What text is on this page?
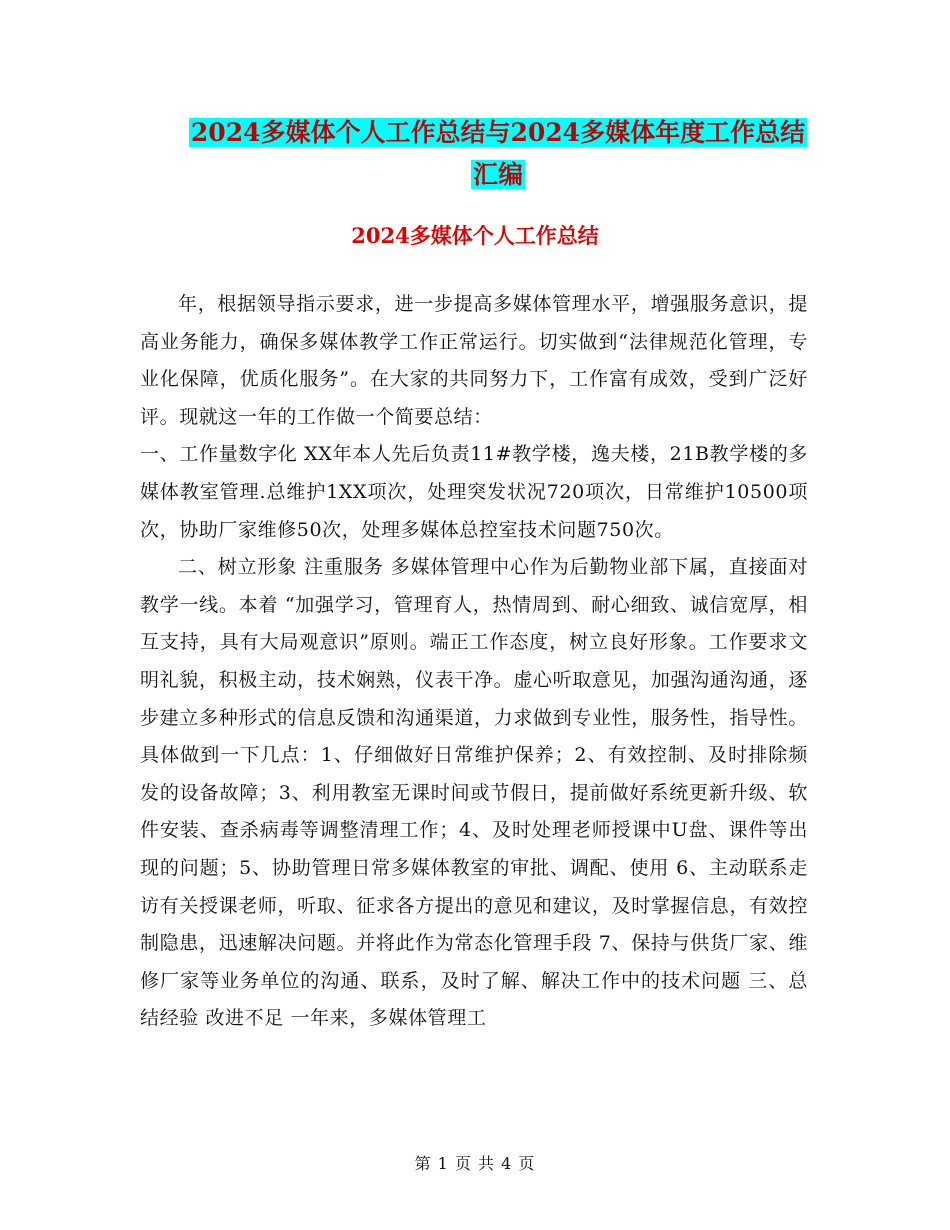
2024多媒体个人工作总结与2024多媒体年度工作总结
汇编
2024多媒体个人工作总结

年，根据领导指示要求，进一步提高多媒体管理水平，增强服务意识，提高业务能力，确保多媒体教学工作正常运行。切实做到“法律规范化管理，专业化保障，优质化服务”。在大家的共同努力下，工作富有成效，受到广泛好评。现就这一年的工作做一个简要总结：

一、工作量数字化 XX年本人先后负责11#教学楼，逸夫楼，21B教学楼的多媒体教室管理.总维护1XX项次，处理突发状况720项次，日常维护10500项次，协助厂家维修50次，处理多媒体总控室技术问题750次。

二、树立形象 注重服务 多媒体管理中心作为后勤物业部下属，直接面对教学一线。本着 “加强学习，管理育人，热情周到、耐心细致、诚信宽厚，相互支持，具有大局观意识”原则。端正工作态度，树立良好形象。工作要求文明礼貌，积极主动，技术娴熟，仪表干净。虚心听取意见，加强沟通沟通，逐步建立多种形式的信息反馈和沟通渠道，力求做到专业性，服务性，指导性。具体做到一下几点：1、仔细做好日常维护保养；2、有效控制、及时排除频发的设备故障；3、利用教室无课时间或节假日，提前做好系统更新升级、软件安装、查杀病毒等调整清理工作；4、及时处理老师授课中U盘、课件等出现的问题；5、协助管理日常多媒体教室的审批、调配、使用 6、主动联系走访有关授课老师，听取、征求各方提出的意见和建议，及时掌握信息，有效控制隐患，迅速解决问题。并将此作为常态化管理手段 7、保持与供货厂家、维修厂家等业务单位的沟通、联系，及时了解、解决工作中的技术问题 三、总结经验 改进不足 一年来，多媒体管理工

第 1 页 共 4 页
